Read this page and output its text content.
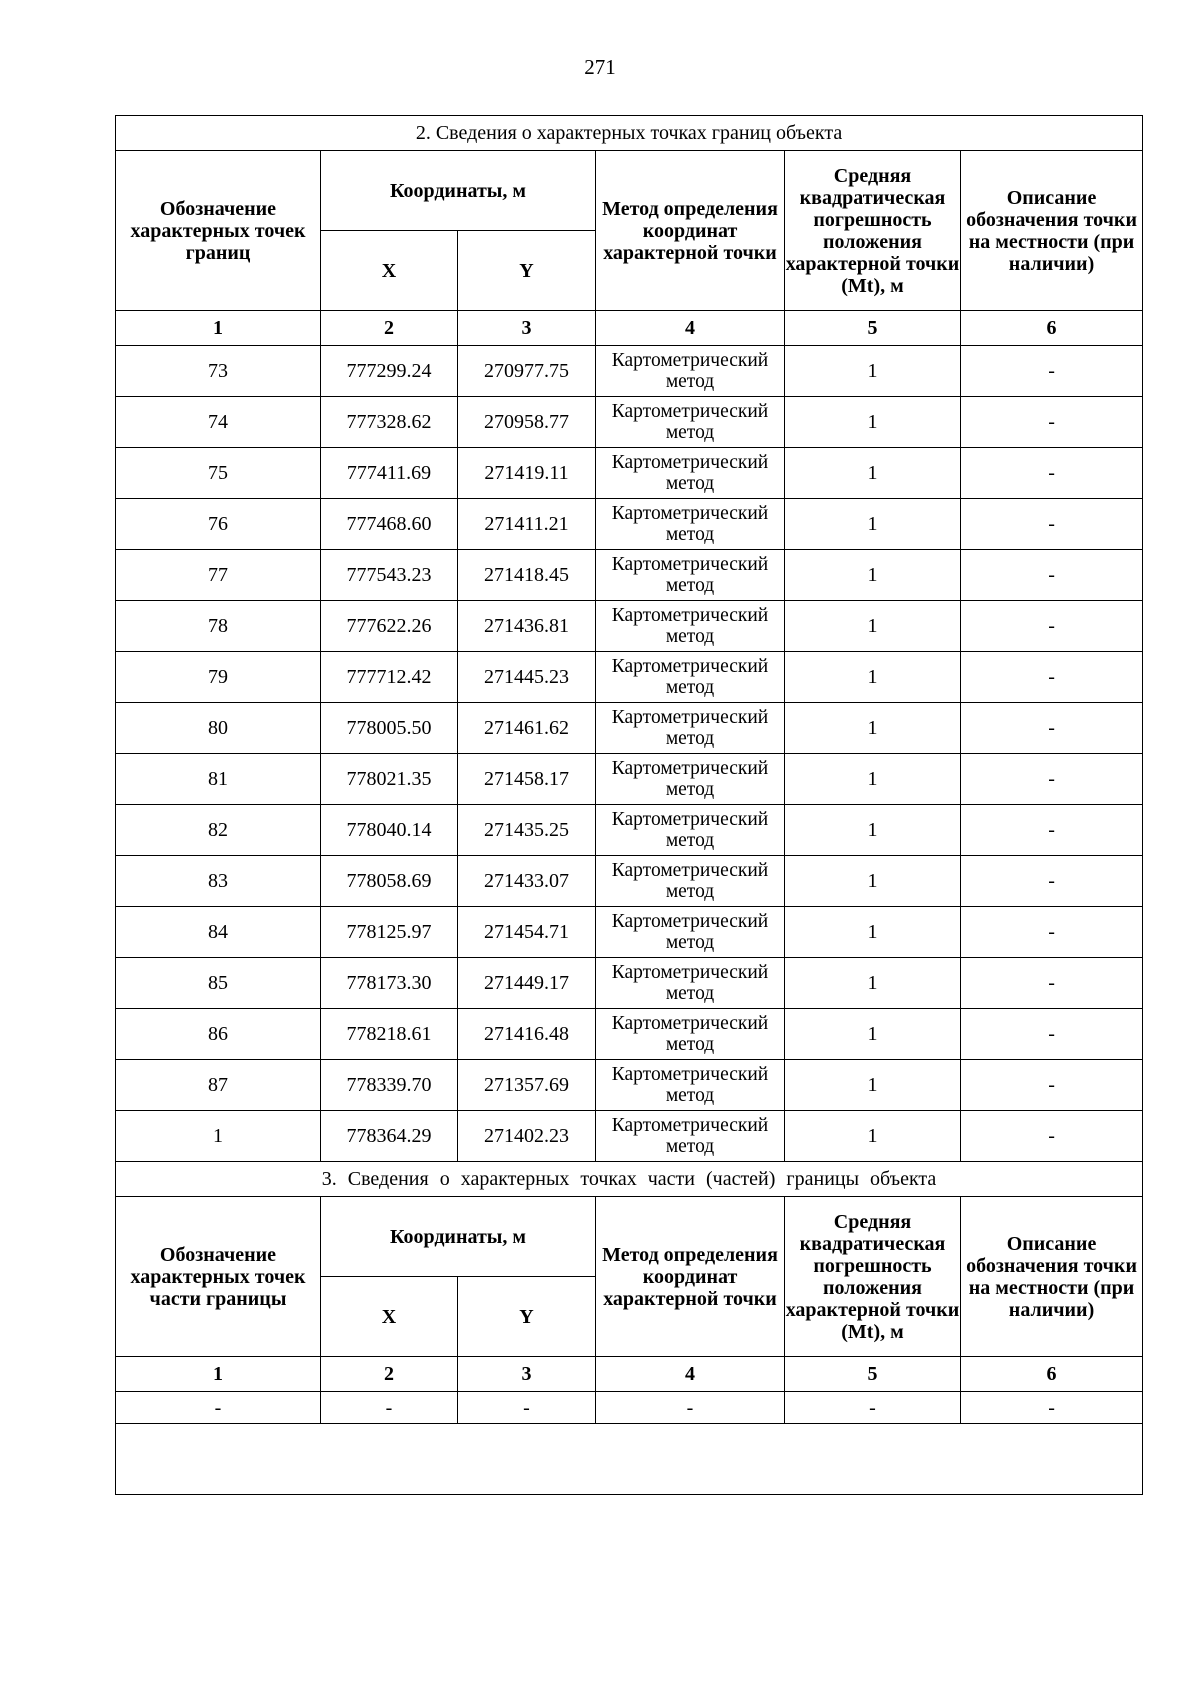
271
2. Сведения о характерных точках границ объекта					
Обозначение характерных точек границ	Координаты, м		Метод определения координат характерной точки	Средняя квадратическая погрешность положения характерной точки (Mt), м	Описание обозначения точки на местности (при наличии)
	X	Y			
1	2	3	4	5	6
73	777299.24	270977.75	Картометрический метод	1	-
74	777328.62	270958.77	Картометрический метод	1	-
75	777411.69	271419.11	Картометрический метод	1	-
76	777468.60	271411.21	Картометрический метод	1	-
77	777543.23	271418.45	Картометрический метод	1	-
78	777622.26	271436.81	Картометрический метод	1	-
79	777712.42	271445.23	Картометрический метод	1	-
80	778005.50	271461.62	Картометрический метод	1	-
81	778021.35	271458.17	Картометрический метод	1	-
82	778040.14	271435.25	Картометрический метод	1	-
83	778058.69	271433.07	Картометрический метод	1	-
84	778125.97	271454.71	Картометрический метод	1	-
85	778173.30	271449.17	Картометрический метод	1	-
86	778218.61	271416.48	Картометрический метод	1	-
87	778339.70	271357.69	Картометрический метод	1	-
1	778364.29	271402.23	Картометрический метод	1	-
3. Сведения о характерных точках части (частей) границы объекта					
Обозначение характерных точек части границы	Координаты, м		Метод определения координат характерной точки	Средняя квадратическая погрешность положения характерной точки (Mt), м	Описание обозначения точки на местности (при наличии)
	X	Y			
1	2	3	4	5	6
-	-	-	-	-	-
